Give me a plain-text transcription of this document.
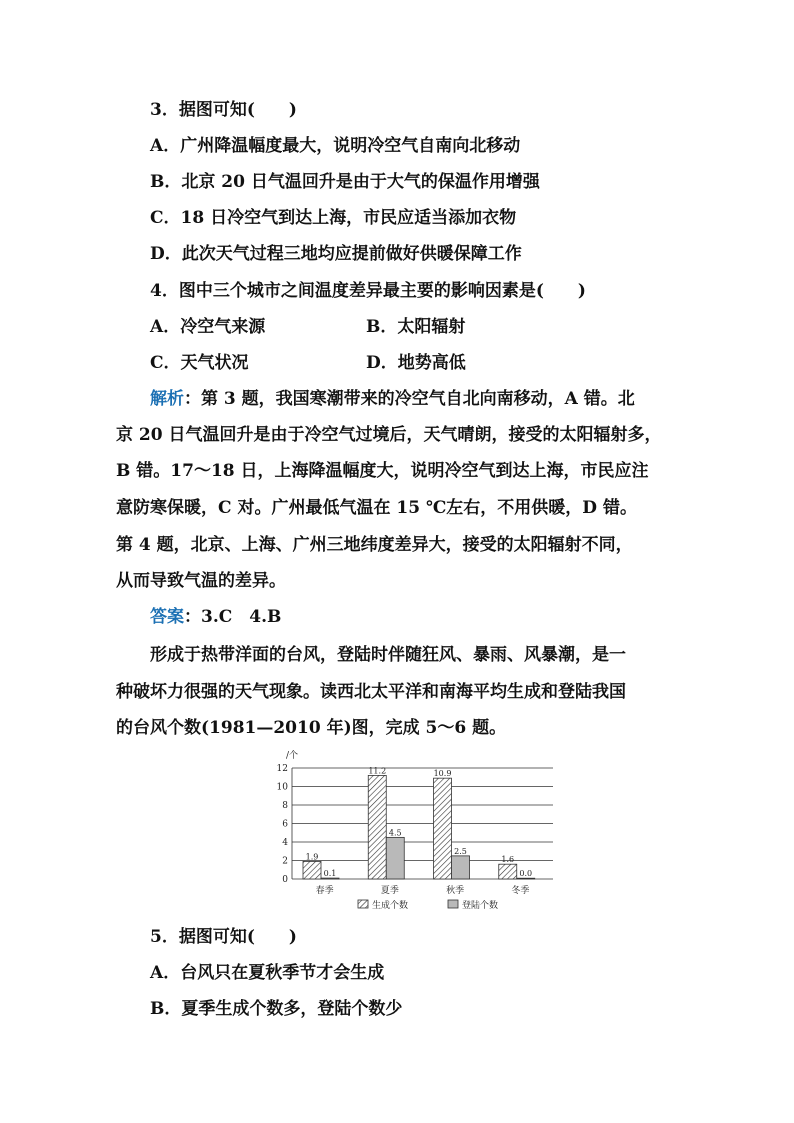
3．据图可知(　　)
A．广州降温幅度最大，说明冷空气自南向北移动
B．北京 20 日气温回升是由于大气的保温作用增强
C．18 日冷空气到达上海，市民应适当添加衣物
D．此次天气过程三地均应提前做好供暖保障工作
4．图中三个城市之间温度差异最主要的影响因素是(　　)
A．冷空气来源	B．太阳辐射
C．天气状况	D．地势高低
解析：第 3 题，我国寒潮带来的冷空气自北向南移动，A 错。北
京 20 日气温回升是由于冷空气过境后，天气晴朗，接受的太阳辐射多，
B 错。17～18 日，上海降温幅度大，说明冷空气到达上海，市民应注
意防寒保暖，C 对。广州最低气温在 15 ℃左右，不用供暖，D 错。
第 4 题，北京、上海、广州三地纬度差异大，接受的太阳辐射不同，
从而导致气温的差异。
答案：3.C　4.B
形成于热带洋面的台风，登陆时伴随狂风、暴雨、风暴潮，是一
种破坏力很强的天气现象。读西北太平洋和南海平均生成和登陆我国
的台风个数(1981—2010 年)图，完成 5～6 题。
0
2
4
6
8
10
12
/个
1.9
0.1
春季
11.2
4.5
夏季
10.9
2.5
秋季
1.6
0.0
冬季
生成个数	登陆个数
5．据图可知(　　)
A．台风只在夏秋季节才会生成
B．夏季生成个数多，登陆个数少
